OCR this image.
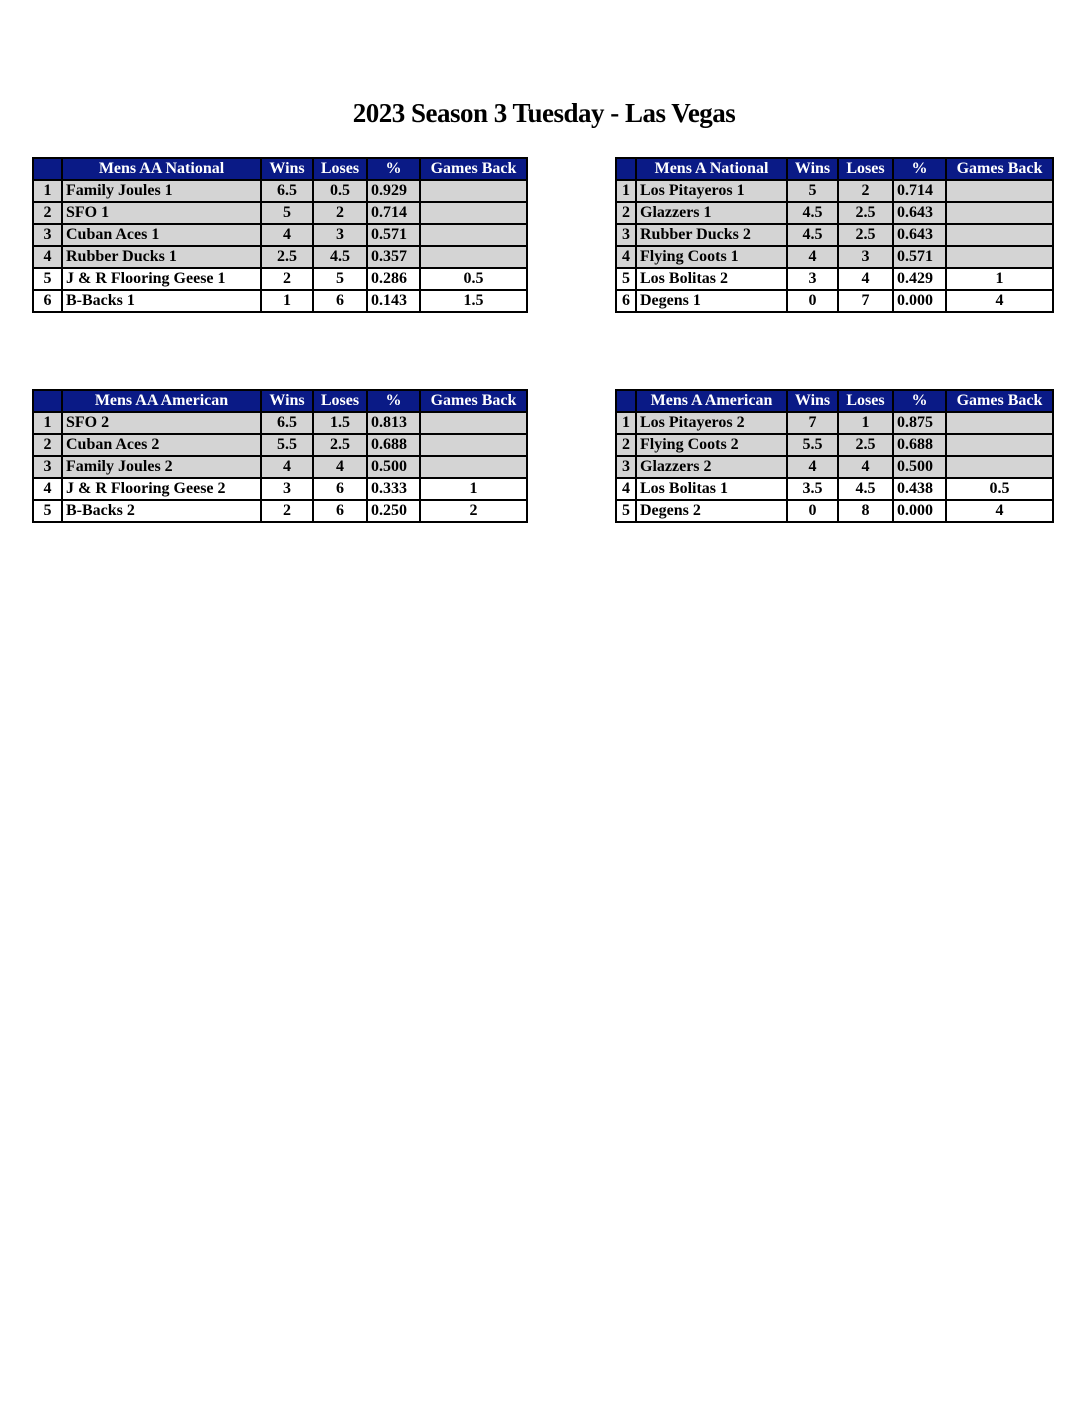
2023 Season 3 Tuesday - Las Vegas
	Mens AA National	Wins	Loses	%	Games Back
1	Family Joules 1	6.5	0.5	0.929	
2	SFO 1	5	2	0.714	
3	Cuban Aces 1	4	3	0.571	
4	Rubber Ducks 1	2.5	4.5	0.357	
5	J & R Flooring Geese 1	2	5	0.286	0.5
6	B-Backs 1	1	6	0.143	1.5
	Mens A National	Wins	Loses	%	Games Back
1	Los Pitayeros 1	5	2	0.714	
2	Glazzers 1	4.5	2.5	0.643	
3	Rubber Ducks 2	4.5	2.5	0.643	
4	Flying Coots 1	4	3	0.571	
5	Los Bolitas 2	3	4	0.429	1
6	Degens 1	0	7	0.000	4
	Mens AA American	Wins	Loses	%	Games Back
1	SFO 2	6.5	1.5	0.813	
2	Cuban Aces 2	5.5	2.5	0.688	
3	Family Joules 2	4	4	0.500	
4	J & R Flooring Geese 2	3	6	0.333	1
5	B-Backs 2	2	6	0.250	2
	Mens A American	Wins	Loses	%	Games Back
1	Los Pitayeros 2	7	1	0.875	
2	Flying Coots 2	5.5	2.5	0.688	
3	Glazzers 2	4	4	0.500	
4	Los Bolitas 1	3.5	4.5	0.438	0.5
5	Degens 2	0	8	0.000	4
